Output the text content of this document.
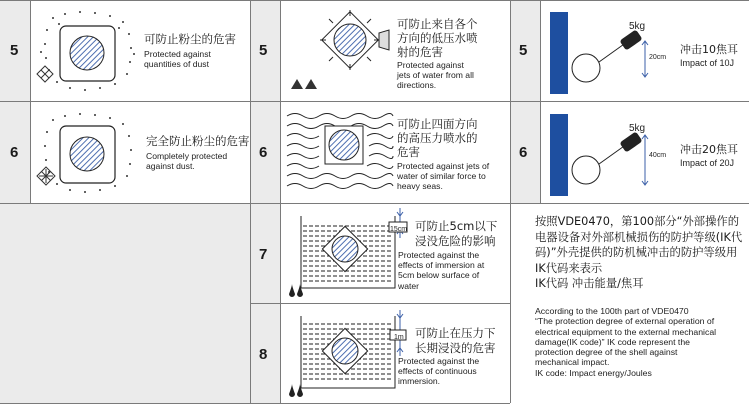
5
可防止粉尘的危害
Protected against
quantities of dust
5
可防止来自各个
方向的低压水喷
射的危害
Protected against
jets of water from all
directions.
5
5kg
20cm
冲击10焦耳
Impact of 10J
6
完全防止粉尘的危害
Completely protected
against dust.
6
可防止四面方向
的高压力喷水的
危害
Protected against jets of
water of similar force to
heavy seas.
6
5kg
40cm 冲击20焦耳
Impact of 20J
7
15cm 可防止5cm以下
浸没危险的影响
Protected against the
effects of immersion at
5cm below surface of
water
8
1m 可防止在压力下
长期浸没的危害
Protected against the
effects of continuous
immersion.
按照VDE0470，第100部分“外部操作的
电器设备对外部机械损伤的防护等级(IK代
码)”外壳提供的防机械冲击的防护等级用
IK代码来表示
IK代码 冲击能量/焦耳
According to the 100th part of VDE0470
“The protection degree of external operation of
electrical equipment to the external mechanical
damage(IK code)” IK code represent the
protection degree of the shell against
mechanical impact.
IK code: Impact energy/Joules
